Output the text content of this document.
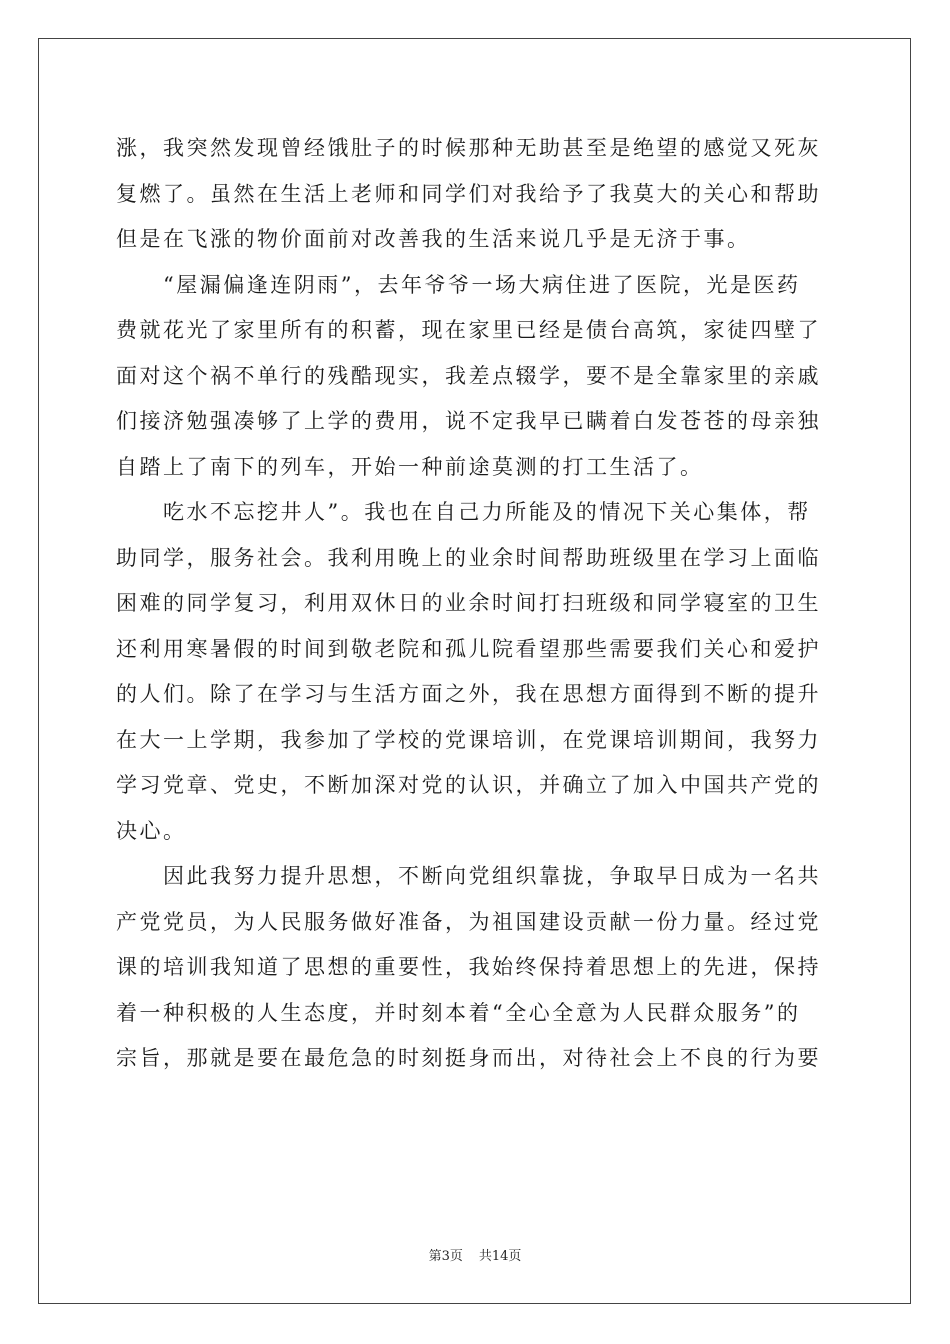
涨，我突然发现曾经饿肚子的时候那种无助甚至是绝望的感觉又死灰
复燃了。虽然在生活上老师和同学们对我给予了我莫大的关心和帮助
但是在飞涨的物价面前对改善我的生活来说几乎是无济于事。
　　“屋漏偏逢连阴雨”，去年爷爷一场大病住进了医院，光是医药
费就花光了家里所有的积蓄，现在家里已经是债台高筑，家徒四壁了
面对这个祸不单行的残酷现实，我差点辍学，要不是全靠家里的亲戚
们接济勉强凑够了上学的费用，说不定我早已瞒着白发苍苍的母亲独
自踏上了南下的列车，开始一种前途莫测的打工生活了。
　　吃水不忘挖井人”。我也在自己力所能及的情况下关心集体，帮
助同学，服务社会。我利用晚上的业余时间帮助班级里在学习上面临
困难的同学复习，利用双休日的业余时间打扫班级和同学寝室的卫生
还利用寒暑假的时间到敬老院和孤儿院看望那些需要我们关心和爱护
的人们。除了在学习与生活方面之外，我在思想方面得到不断的提升
在大一上学期，我参加了学校的党课培训，在党课培训期间，我努力
学习党章、党史，不断加深对党的认识，并确立了加入中国共产党的
决心。
　　因此我努力提升思想，不断向党组织靠拢，争取早日成为一名共
产党党员，为人民服务做好准备，为祖国建设贡献一份力量。经过党
课的培训我知道了思想的重要性，我始终保持着思想上的先进，保持
着一种积极的人生态度，并时刻本着“全心全意为人民群众服务”的
宗旨，那就是要在最危急的时刻挺身而出，对待社会上不良的行为要
第3页 共14页
